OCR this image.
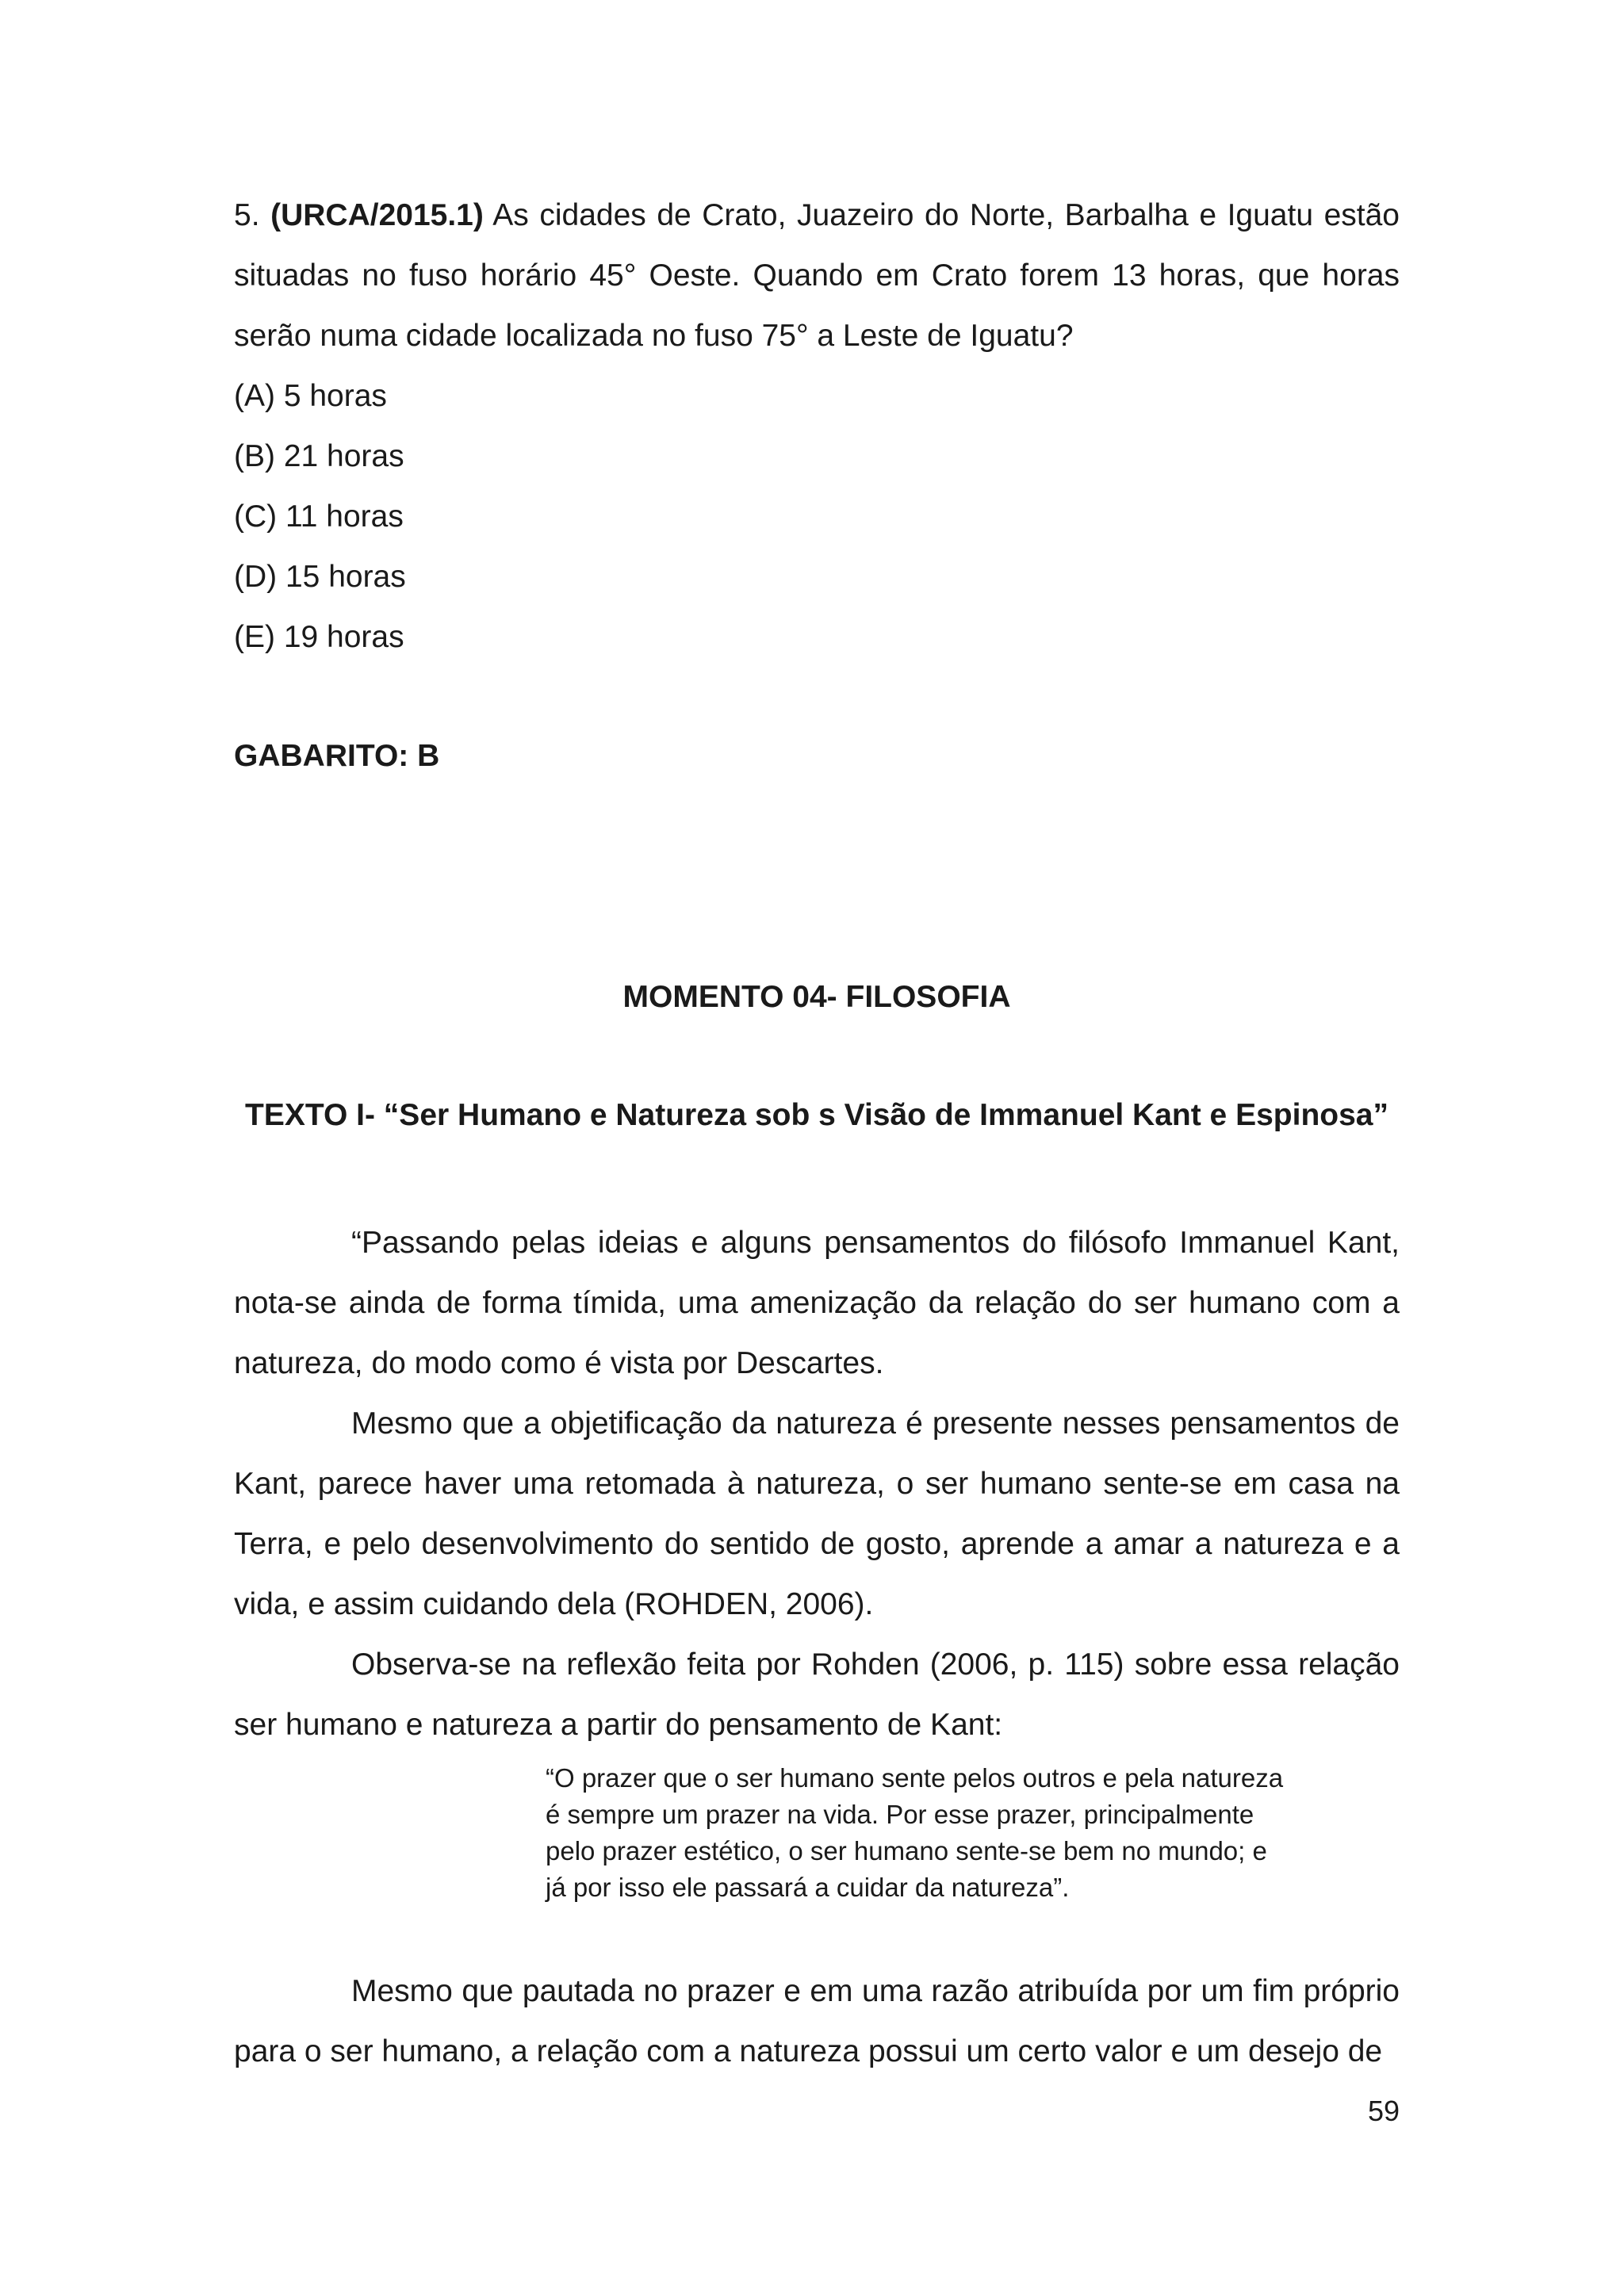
5. (URCA/2015.1) As cidades de Crato, Juazeiro do Norte, Barbalha e Iguatu estão situadas no fuso horário 45° Oeste. Quando em Crato forem 13 horas, que horas serão numa cidade localizada no fuso 75° a Leste de Iguatu?

(A) 5 horas

(B) 21 horas

(C) 11 horas

(D) 15 horas

(E) 19 horas

GABARITO: B

MOMENTO 04- FILOSOFIA

TEXTO I- “Ser Humano e Natureza sob s Visão de Immanuel Kant e Espinosa”

“Passando pelas ideias e alguns pensamentos do filósofo Immanuel Kant, nota-se ainda de forma tímida, uma amenização da relação do ser humano com a natureza, do modo como é vista por Descartes.

Mesmo que a objetificação da natureza é presente nesses pensamentos de Kant, parece haver uma retomada à natureza, o ser humano sente-se em casa na Terra, e pelo desenvolvimento do sentido de gosto, aprende a amar a natureza e a vida, e assim cuidando dela (ROHDEN, 2006).

Observa-se na reflexão feita por Rohden (2006, p. 115) sobre essa relação ser humano e natureza a partir do pensamento de Kant:

“O prazer que o ser humano sente pelos outros e pela natureza
é sempre um prazer na vida. Por esse prazer, principalmente
pelo prazer estético, o ser humano sente-se bem no mundo; e
já por isso ele passará a cuidar da natureza”.

Mesmo que pautada no prazer e em uma razão atribuída por um fim próprio para o ser humano, a relação com a natureza possui um certo valor e um desejo de

59
